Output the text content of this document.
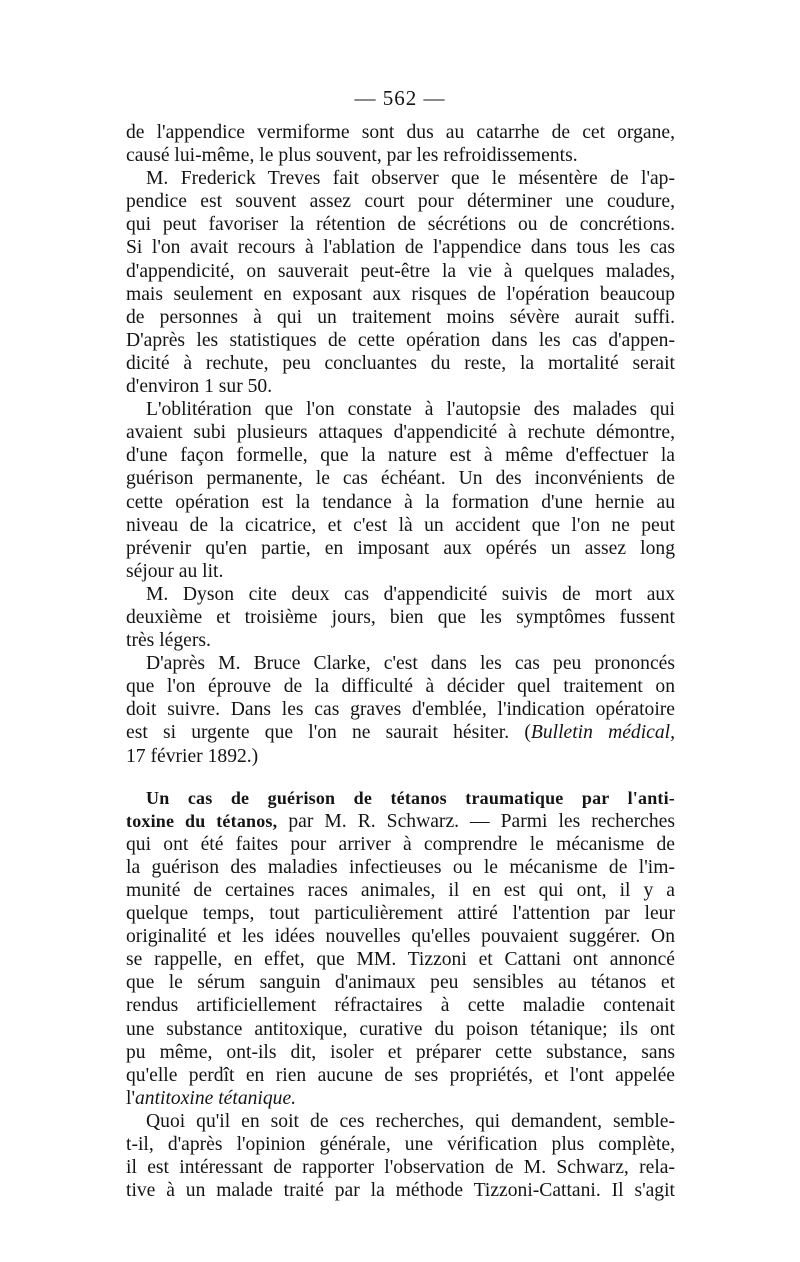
— 562 —
de l'appendice vermiforme sont dus au catarrhe de cet organe,
causé lui-même, le plus souvent, par les refroidissements.
M. Frederick Treves fait observer que le mésentère de l'ap-
pendice est souvent assez court pour déterminer une coudure,
qui peut favoriser la rétention de sécrétions ou de concrétions.
Si l'on avait recours à l'ablation de l'appendice dans tous les cas
d'appendicité, on sauverait peut-être la vie à quelques malades,
mais seulement en exposant aux risques de l'opération beaucoup
de personnes à qui un traitement moins sévère aurait suffi.
D'après les statistiques de cette opération dans les cas d'appen-
dicité à rechute, peu concluantes du reste, la mortalité serait
d'environ 1 sur 50.
L'oblitération que l'on constate à l'autopsie des malades qui
avaient subi plusieurs attaques d'appendicité à rechute démontre,
d'une façon formelle, que la nature est à même d'effectuer la
guérison permanente, le cas échéant. Un des inconvénients de
cette opération est la tendance à la formation d'une hernie au
niveau de la cicatrice, et c'est là un accident que l'on ne peut
prévenir qu'en partie, en imposant aux opérés un assez long
séjour au lit.
M. Dyson cite deux cas d'appendicité suivis de mort aux
deuxième et troisième jours, bien que les symptômes fussent
très légers.
D'après M. Bruce Clarke, c'est dans les cas peu prononcés
que l'on éprouve de la difficulté à décider quel traitement on
doit suivre. Dans les cas graves d'emblée, l'indication opératoire
est si urgente que l'on ne saurait hésiter. (Bulletin médical,
17 février 1892.)
Un cas de guérison de tétanos traumatique par l'anti-
toxine du tétanos, par M. R. Schwarz. — Parmi les recherches
qui ont été faites pour arriver à comprendre le mécanisme de
la guérison des maladies infectieuses ou le mécanisme de l'im-
munité de certaines races animales, il en est qui ont, il y a
quelque temps, tout particulièrement attiré l'attention par leur
originalité et les idées nouvelles qu'elles pouvaient suggérer. On
se rappelle, en effet, que MM. Tizzoni et Cattani ont annoncé
que le sérum sanguin d'animaux peu sensibles au tétanos et
rendus artificiellement réfractaires à cette maladie contenait
une substance antitoxique, curative du poison tétanique; ils ont
pu même, ont-ils dit, isoler et préparer cette substance, sans
qu'elle perdît en rien aucune de ses propriétés, et l'ont appelée
l'antitoxine tétanique.
Quoi qu'il en soit de ces recherches, qui demandent, semble-
t-il, d'après l'opinion générale, une vérification plus complète,
il est intéressant de rapporter l'observation de M. Schwarz, rela-
tive à un malade traité par la méthode Tizzoni-Cattani. Il s'agit
